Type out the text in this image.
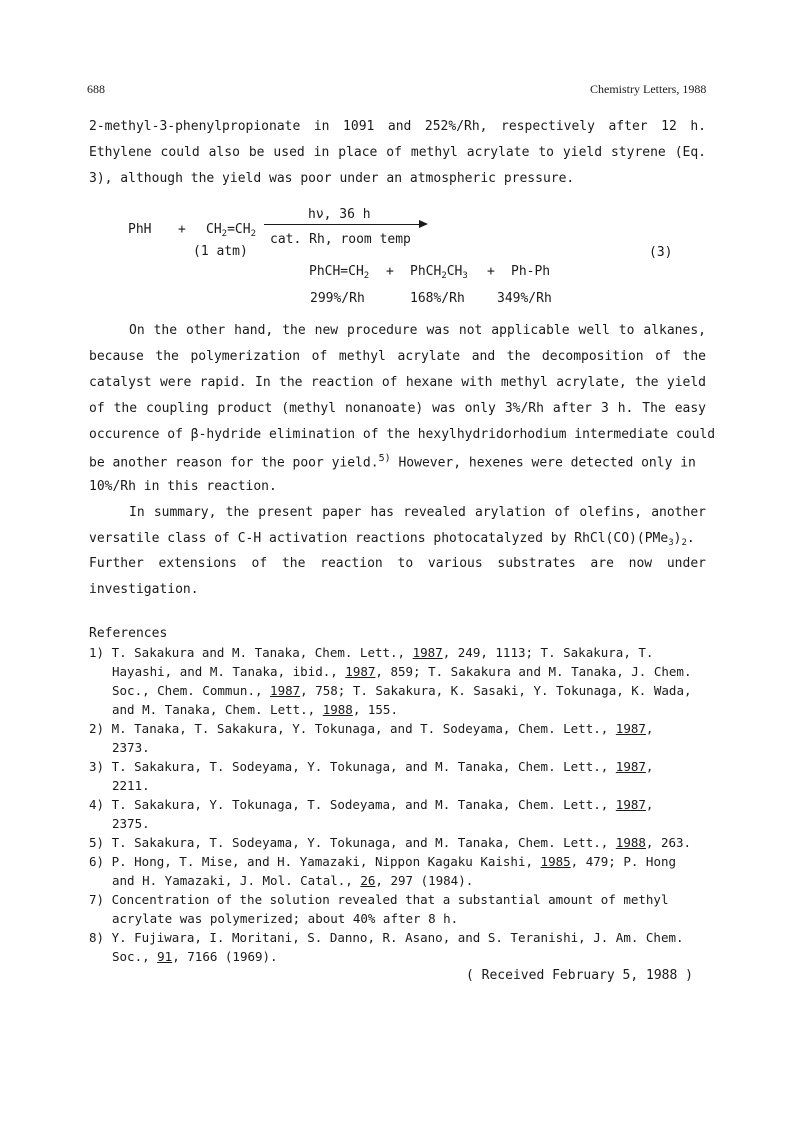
688	Chemistry Letters, 1988
2-methyl-3-phenylpropionate in 1091 and 252%/Rh, respectively after 12 h.
Ethylene could also be used in place of methyl acrylate to yield styrene (Eq.
3), although the yield was poor under an atmospheric pressure.
PhH + $CH_2=CH_2$
(1 atm)
hν, 36 h
cat. Rh, room temp
(3)
$PhCH=CH_2$ + $PhCH_2CH_3 + Ph-Ph$
299%/Rh	168%/Rh 349%/Rh
On the other hand, the new procedure was not applicable well to alkanes,
because the polymerization of methyl acrylate and the decomposition of the
catalyst were rapid. In the reaction of hexane with methyl acrylate, the yield
of the coupling product (methyl nonanoate) was only 3%/Rh after 3 h. The easy
occurence of β-hydride elimination of the hexylhydridorhodium intermediate could
be another reason for the poor yield.$^{5)}$ However, hexenes were detected only in
10%/Rh in this reaction.
In summary, the present paper has revealed arylation of olefins, another
versatile class of C-H activation reactions photocatalyzed by $RhCl(CO)(PMe_3)_2$.
Further extensions of the reaction to various substrates are now under
investigation.
References
1) T. Sakakura and M. Tanaka, Chem. Lett., 1987, 249, 1113; T. Sakakura, T.
Hayashi, and M. Tanaka, ibid., 1987, 859; T. Sakakura and M. Tanaka, J. Chem.
Soc., Chem. Commun., 1987, 758; T. Sakakura, K. Sasaki, Y. Tokunaga, K. Wada,
and M. Tanaka, Chem. Lett., 1988, 155.
2) M. Tanaka, T. Sakakura, Y. Tokunaga, and T. Sodeyama, Chem. Lett., 1987,
2373.
3) T. Sakakura, T. Sodeyama, Y. Tokunaga, and M. Tanaka, Chem. Lett., 1987,
2211.
4) T. Sakakura, Y. Tokunaga, T. Sodeyama, and M. Tanaka, Chem. Lett., 1987,
2375.
5) T. Sakakura, T. Sodeyama, Y. Tokunaga, and M. Tanaka, Chem. Lett., 1988, 263.
6) P. Hong, T. Mise, and H. Yamazaki, Nippon Kagaku Kaishi, 1985, 479; P. Hong
and H. Yamazaki, J. Mol. Catal., 26, 297 (1984).
7) Concentration of the solution revealed that a substantial amount of methyl
acrylate was polymerized; about 40% after 8 h.
8) Y. Fujiwara, I. Moritani, S. Danno, R. Asano, and S. Teranishi, J. Am. Chem.
Soc., 91, 7166 (1969).
( Received February 5, 1988 )
